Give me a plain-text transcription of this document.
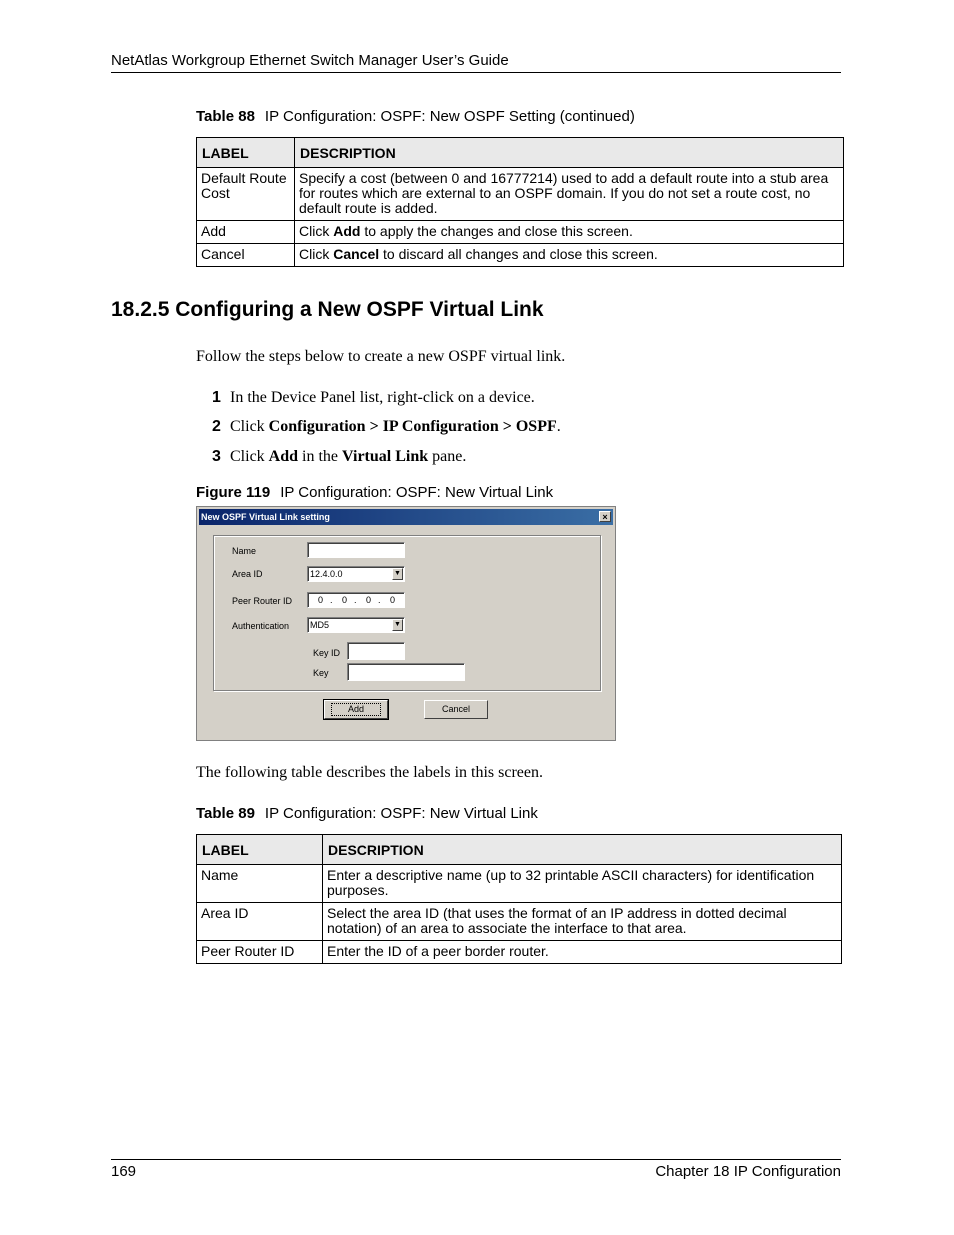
NetAtlas Workgroup Ethernet Switch Manager User’s Guide
Table 88 IP Configuration: OSPF: New OSPF Setting (continued)
LABEL	DESCRIPTION
Default Route Cost	Specify a cost (between 0 and 16777214) used to add a default route into a stub area for routes which are external to an OSPF domain. If you do not set a route cost, no default route is added.
Add	Click Add to apply the changes and close this screen.
Cancel	Click Cancel to discard all changes and close this screen.
18.2.5 Configuring a New OSPF Virtual Link
Follow the steps below to create a new OSPF virtual link.
1 In the Device Panel list, right-click on a device.
2 Click Configuration > IP Configuration > OSPF.
3 Click Add in the Virtual Link pane.
Figure 119 IP Configuration: OSPF: New Virtual Link
New OSPF Virtual Link setting	×
Name
Area ID	12.4.0.0	▼
Peer Router ID	0 . 0 . 0 . 0
Authentication	MD5	▼
Key ID
Key
Add	Cancel
The following table describes the labels in this screen.
Table 89 IP Configuration: OSPF: New Virtual Link
LABEL	DESCRIPTION
Name	Enter a descriptive name (up to 32 printable ASCII characters) for identification purposes.
Area ID	Select the area ID (that uses the format of an IP address in dotted decimal notation) of an area to associate the interface to that area.
Peer Router ID	Enter the ID of a peer border router.
169	Chapter 18 IP Configuration
